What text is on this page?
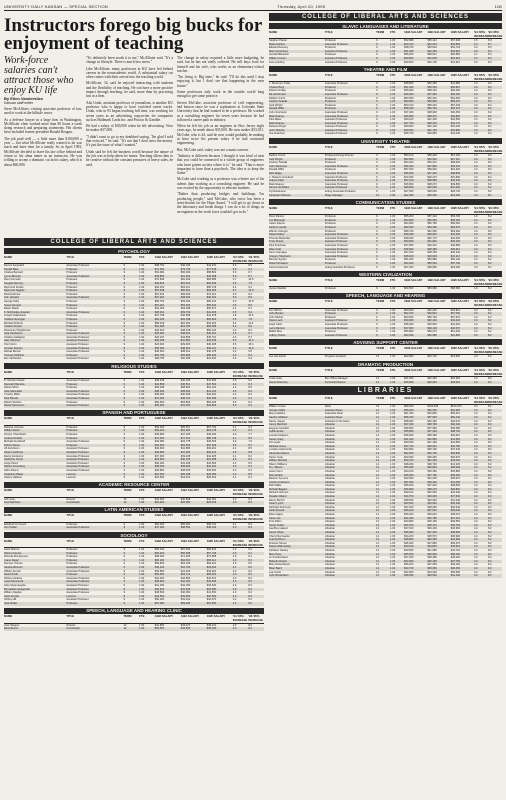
UNIVERSITY DAILY KANSAN — SPECIAL SECTION	Thursday, April 20, 1995	11B
Instructors forego big bucks for enjoyment of teaching
Work-force salaries can't attract those who enjoy KU life
By Ellen Vanderslice
Kansan staff writer

Steve McAllister, visiting associate professor of law, used to work at the hillside tower.

As a defense lawyer in a large firm in Washington, McAllister often worked more than 80 hours a week doing research and preparing statements. His clients have included former president Ronald Reagan.

The job paid well — a little more than $100,000 a year — but what McAllister really wanted to do was teach and have time for a family. So in April 1993, McAllister decided to leave his law office behind and return to his alma mater as an instructor. He was willing to accept a dramatic cut in his salary, which is about $60,000.

"It's definitely been worth it to me," McAllister said. "It's a change in lifestyle. There is much less stress."

Like McAllister, many professors at KU have left behind careers in the nonacademic world. A substantial salary cut often comes with their arrival into the teaching world.

McAllister, 32, said he enjoyed interacting with students and the flexibility of teaching. He can have a more positive impact through teaching, he said, more than by practicing law at a firm.

Ada Uriah, assistant professor of journalism, is another KU professor who is happy to have switched career tracks. Uriah, who in 93 began teaching full time, was working for seven years as an advertising copywriter for companies such as Hallmark Cards Inc. and Proctor & Gamble.

He had a salary of $50,000 when he left advertising. Now he makes $37,000.

"I didn't want to go to my deathbed saying, 'I'm glad I sold that extra ad,'" he said. "It's not that I don't miss the money. It's just the issue of what I wanted."

Uriah said he left the business world because the nature of the job was to help others be teams. Teaching allows him to be creative without the constant pressures of heavy sales, he said.

The change in salary required a little more budgeting, he said, but he has not really suffered. He still buys food for himself and his wife, who works as an elementary-school teacher.

"I'm living it. Big time," he said. "I'll do this until I stop enjoying it, but I don't see that happening in the near future."

Some professors only work in the outside world long enough to get some practice.

Steven McCabe, associate professor of civil engineering, had known since he was a sophomore at Colorado State University that he had wanted to be a professor. He worked as a consulting engineer for seven years because he had followed a career path in industry.

When he left his job as an engineer in New Jersey eight years ago, he made about $35,000. He now makes $53,031. McCabe, who is 44, said he now would probably be making at least twice his present salary if he had continued engineering.

But, McCabe said, salary was not a main concern.

"Industry is different because I thought it was kind of neat that you could be connected to a whole group of engineers who have gotten society where it is," he said. "That is more important to have than a paycheck. The idea is to keep the flame."

McCabe said working as a professor was a better use of his talents than working as a consulting engineer. He said he was excited by the opportunity to educate students.

"Rather than producing bridges and buildings, I'm producing people," said McCabe, who twice has been a semi-finalist for the Hope Award. "I still get to go down in the laboratory and break things. I can do a lot of things as an engineer in the work force wouldn't get to do."

COLLEGE OF LIBERAL ARTS AND SCIENCES
PSYCHOLOGY
NAME	TITLE	TERM	FTE	1993 SALARY	1994 SALARY	1995 SALARY	'94-'95% INCREASE
'93-'95% INCREASE
Dennis Karpowitz	Associate Professor	9	1.00	$38,752	$40,196	$42,210	5.0	8.9
Donald Baer	Professor	9	1.00	$71,004	$73,740	$77,446	5.0	9.1
Charles Barnard	Professor	9	1.00	$54,082	$56,009	$58,800	5.0	8.7
Lynne Bennett	Associate Professor	9	1.00	$39,850	$41,262	$43,308	5.0	8.7
Rue Cromwell	Professor	9	1.00	$76,828	$81,069	$84,889	4.7	10.5
Douglas Denney	Professor	9	1.00	$49,813	$51,513	$53,546	3.9	7.5
Raymond Fowler	Professor	9	1.00	$52,010	$54,311	$56,718	4.4	9.1
Raymond Higgins	Professor	9	1.00	$57,498	$60,841	$64,906	6.7	12.9
David Holmes	Professor	9	1.00	$67,451	$69,940	$73,114	4.5	8.4
S.R. Howard	Associate Professor	9	1.00	$37,024	$38,300	$40,201	5.0	8.6
George Kelly	Professor	9	1.00	$50,752	$53,046	$56,213	6.0	10.8
Susan Kemper	Professor	9	1.00	$51,119	$53,204	$55,642	4.6	8.9
Edwin Martin	Professor	9	1.00	$61,003	$63,298	$65,971	4.2	8.1
K. McCluskey-Fawcett	Associate Professor	9	1.00	$38,014	$39,702	$41,496	4.5	9.2
Joseph Hollenbeck	Professor	9	1.00	$37,708	$40,558	$41,678	2.8	10.5
Charles Neuringer	Professor	9	1.00	$60,105	$62,048	$64,810	4.5	7.8
Michael Roberts	Professor	9	1.00	$58,019	$61,004	$64,402	5.6	11.0
Charles Snyder	Professor	9	1.00	$61,308	$61,780	$65,289	5.2	9.9
Rosemary Wrightsman	Professor	9	1.00	$46,316	$48,018	$50,104	4.3	8.2
Hyla Sanderson	Associate Professor	9	1.00	$36,900	$38,403	$40,119	4.5	8.7
Charles Gallagher	Associate Professor	9	1.00	$42,047	$43,806	$45,701	4.3	8.7
Alan Oblomov	Assistant Professor	9	1.00	$30,408	$31,860	$33,546	5.3	10.3
Omri Grinn	Assistant Professor	9	1.00	$26,000	$29,000	$30,005	3.5	15.4
Annette Stanton	Associate Professor	9	1.00	$35,000	$38,910	$40,211	3.3	14.9
Wanda Bernal	Associate Professor	9	1.00	$36,600	$38,301	$40,078	4.6	9.5
Thomas Schlitzer	Professor	9	1.00	$51,705	$53,805	$55,944	4.0	8.2
Eric Vanheiden	Assistant Professor	9	1.00	$28,705	$30,005	$31,400	4.6	9.4
RELIGIOUS STUDIES
NAME	TITLE	TERM	FTE	1993 SALARY	1994 SALARY	1995 SALARY	'94-'95% INCREASE
'93-'95% INCREASE
D. Dorsten-Sravis	Associate Professor	9	1.00	$38,408	$40,046	$41,950	4.8	9.2
Ramnath Berretta	Professor	9	1.00	$43,809	$45,501	$47,502	4.4	8.4
Robert Minor	Professor	9	1.00	$56,308	$58,600	$61,104	4.3	8.5
Jane Mannadia	Associate Professor	9	1.00	$38,000	$39,506	$41,104	4.0	8.2
Timothy Miller	Associate Professor	9	1.00	$39,300	$40,908	$42,620	4.2	8.4
Paul Mirecki	Associate Professor	9	1.00	$37,004	$38,700	$40,355	4.3	9.1
Robert Shelton	Professor	9	1.00	$52,600	$54,802	$56,925	3.9	8.2
Daniel Stevenson	Assistant Professor	9	1.00	$30,000	$31,250	$32,819	5.0	9.4
SPANISH AND PORTUGUESE
NAME	TITLE	TERM	FTE	1993 SALARY	1994 SALARY	1995 SALARY	'94-'95% INCREASE
'93-'95% INCREASE
Roberta Johnson	Professor	9	1.00	$53,320	$55,507	$57,784	4.1	8.4
William Davis	Professor	9	1.00	$49,210	$51,000	$53,178	4.3	8.1
Vernon Chamberlin	Professor	9	1.00	$45,680	$47,305	$49,180	4.0	7.7
Andrew Debicki	Professor	9	1.00	$74,400	$77,512	$80,728	4.1	8.5
Michael Doudoroff	Associate Professor	9	1.00	$43,080	$44,778	$46,503	3.9	7.9
Robert Spires	Professor	9	1.00	$62,000	$64,500	$67,029	3.9	8.1
Jill Kuhnheim	Assistant Professor	9	1.00	$30,600	$31,895	$33,201	4.1	8.5
Sharon Feldman	Assistant Professor	9	1.00	$29,800	$31,005	$32,412	4.5	8.8
Danny Anderson	Associate Professor	9	1.00	$37,900	$39,408	$41,025	4.1	8.2
Katherine Unruh	Assistant Professor	9	1.00	$29,500	$30,704	$31,908	3.9	8.2
Jorge Perez	Assistant Professor	9	1.00	$30,000	$31,208	$32,504	4.2	8.3
Robert Greenberg	Associate Professor	9	1.00	$38,100	$39,605	$41,201	4.0	8.1
Isidro Rivera	Associate Professor	9	1.00	$36,800	$38,305	$39,904	4.2	8.4
Stephanie Baker	Lecturer	9	1.00	$24,000	$25,008	$26,050	4.2	8.5
Stacey Vallaton	Lecturer	9	1.00	$23,500	$24,410	$25,402	4.1	8.1
ACADEMIC RESOURCE CENTER
NAME	TITLE	TERM	FTE	1993 SALARY	1994 SALARY	1995 SALARY	'94-'95% INCREASE
'93-'95% INCREASE
John Hay	Director	12	1.00	$29,600	$30,808	$32,051	4.0	8.3
Lisa Stephens	Coordinator	12	1.00	$24,400	$25,380	$26,403	4.0	8.2
LATIN AMERICAN STUDIES
NAME	TITLE	TERM	FTE	1993 SALARY	1994 SALARY	1995 SALARY	'94-'95% INCREASE
'93-'95% INCREASE
Elizabeth Kuznesof	Professor	9	1.00	$54,200	$56,400	$58,701	4.1	8.3
Ann Pedlar	Associate Professor	9	1.00	$37,000	$38,550	$40,104	4.0	8.4
SOCIOLOGY
NAME	TITLE	TERM	FTE	1993 SALARY	1994 SALARY	1995 SALARY	'94-'95% INCREASE
'93-'95% INCREASE
Carol Warren	Professor	9	1.00	$55,100	$57,300	$59,602	4.0	8.2
Robert Antonio	Professor	9	1.00	$53,400	$55,508	$57,735	4.0	8.1
Rhonda Montgomery	Professor	9	1.00	$68,300	$71,005	$73,808	3.9	8.1
Joane Nagel	Professor	9	1.00	$60,200	$62,610	$65,112	4.0	8.2
Norman Yetman	Professor	9	1.00	$59,800	$62,105	$64,601	4.0	8.0
Sandra Albrecht	Associate Professor	9	1.00	$40,100	$41,706	$43,402	4.1	8.2
William Arnold	Associate Professor	9	1.00	$39,800	$41,400	$43,061	4.0	8.2
David Smith	Professor	9	1.00	$52,600	$54,712	$56,903	4.0	8.2
Shirley Harkess	Associate Professor	9	1.00	$41,200	$42,850	$44,574	4.0	8.2
Lewis Mennerick	Associate Professor	9	1.00	$39,600	$41,180	$42,836	4.0	8.2
Alice Niyamangola	Assistant Professor	9	1.00	$31,000	$32,250	$33,540	4.0	8.2
Bernadette Sedgewick	Assistant Professor	9	1.00	$30,400	$31,620	$32,880	4.0	8.2
William Staples	Associate Professor	9	1.00	$38,500	$40,050	$41,650	4.0	8.2
Carol Snyder	Lecturer	9	1.00	$24,500	$25,480	$26,500	4.0	8.2
Shirley Hill	Assistant Professor	9	1.00	$30,200	$31,410	$32,670	4.0	8.2
Jack Weller	Professor	9	1.00	$57,000	$59,280	$61,650	4.0	8.2
SPEECH, LANGUAGE AND HEARING CLINIC
NAME	TITLE	TERM	FTE	1993 SALARY	1994 SALARY	1995 SALARY	'94-'95% INCREASE
'93-'95% INCREASE
Jane Wegner	Director	12	1.00	$41,800	$43,470	$45,210	4.0	8.2
Betty Bunce	Coordinator	12	1.00	$33,500	$34,840	$36,230	4.0	8.2
COLLEGE OF LIBERAL ARTS AND SCIENCES
SLAVIC LANGUAGES AND LITERATURE
NAME	TITLE	TERM	FTE	1993 SALARY	1994 SALARY	1995 SALARY	'94-'95% INCREASE
'93-'95% INCREASE
Stephen Parker	Professor	9	1.00	$52,889	$55,142	$57,608	4.5	8.9
Maria Carlson	Associate Professor	9	1.00	$40,312	$42,001	$43,806	4.3	8.7
Edward Ramsey	Professor	9	1.00	$48,700	$50,604	$52,718	4.2	8.3
Marc Greenberg	Assistant Professor	9	1.00	$31,000	$32,350	$33,604	3.9	8.4
Gerald Mikkelson	Professor	9	1.00	$56,200	$58,512	$60,884	4.1	8.3
William Comer	Assistant Professor	9	1.00	$29,800	$31,005	$32,304	4.2	8.4
Jane Harding	Assistant Professor	9	1.00	$29,500	$30,702	$31,910	3.9	8.2
THEATRE AND FILM
NAME	TITLE	TERM	FTE	1993 SALARY	1994 SALARY	1995 SALARY	'94-'95% INCREASE
'93-'95% INCREASE
J. Dinsmore-Tuttle	Associate Professor	9	1.00	$38,800	$40,356	$41,980	4.0	8.2
Charles Berg	Professor	9	1.00	$51,600	$53,664	$55,810	4.0	8.2
Robert Findlay	Professor	9	1.00	$55,900	$58,140	$60,460	4.0	8.2
Ed Hutchinson	Associate Professor	9	1.00	$36,200	$37,650	$39,150	4.0	8.2
Delbert Unruh	Professor	9	1.00	$50,300	$52,310	$54,400	4.0	8.2
Andrew Tsubaki	Professor	9	1.00	$54,800	$56,990	$59,270	4.0	8.2
Jack Wright	Professor	9	1.00	$53,100	$55,220	$57,430	4.0	8.2
Ronald Willis	Professor	9	1.00	$58,400	$60,740	$63,170	4.0	8.2
John Gronbeck	Associate Professor	9	1.00	$37,400	$38,900	$40,450	4.0	8.2
Mark Reaney	Associate Professor	9	1.00	$36,800	$38,270	$39,800	4.0	8.2
Paul Meier	Assistant Professor	9	1.00	$30,100	$31,300	$32,560	4.0	8.2
Mark Reaney	Associate Professor	9	1.00	$37,700	$39,210	$40,770	4.0	8.2
Delores Ringer	Assistant Professor	9	1.00	$29,900	$31,100	$32,340	4.0	8.2
John Tibbetts	Assistant Professor	9	1.00	$30,500	$31,720	$32,990	4.0	8.2
Joe Anderson	Assistant Professor	9	1.00	$28,700	$29,850	$31,040	4.0	8.2
UNIVERSITY THEATRE
NAME	TITLE	TERM	FTE	1993 SALARY	1994 SALARY	1995 SALARY	'94-'95% INCREASE
'93-'95% INCREASE
Delbert Unruh	Professor/Acting Director	9	1.00	$53,100	$55,220	$57,430	4.0	8.2
Jack Wright	Professor	9	1.00	$52,800	$54,910	$57,110	4.0	8.2
Andrew Tsubaki	Professor	9	1.00	$54,200	$56,370	$58,620	4.0	8.2
John Staniunas	Associate Professor	9	1.00	$36,400	$37,860	$39,370	4.0	8.2
Ronald Willis	Professor	9	1.00	$57,600	$59,900	$62,300	4.0	8.2
Rick Hidge	Associate Professor	9	1.00	$35,900	$37,340	$38,830	4.0	8.2
J. Tedesco Gronbeck	Assistant Professor	9	1.00	$29,300	$30,470	$31,690	4.0	8.2
Joanne Klein	Associate Professor	9	1.00	$37,100	$38,580	$40,130	4.0	8.2
Mark Reaney	Associate Professor	9	1.00	$36,800	$38,270	$39,800	4.0	8.2
Dennis Christilles	Assistant Professor	9	1.00	$28,900	$30,060	$31,260	4.0	8.2
Cynthia Evans	Acting Associate Professor	9	1.00	$27,500	$28,600	$29,740	4.0	8.2
Alexander Wesson	Stage Manager	12	1.00	$22,400	$23,300	$24,230	4.0	8.2
COMMUNICATION STUDIES
NAME	TITLE	TERM	FTE	1993 SALARY	1994 SALARY	1995 SALARY	'94-'95% INCREASE
'93-'95% INCREASE
Donn Parson	Professor	9	1.00	$55,200	$57,410	$59,700	4.0	8.2
Jon Blubaugh	Professor	9	1.00	$53,800	$55,950	$58,190	4.0	8.2
Calvin Downs	Professor	9	1.00	$54,600	$56,780	$59,050	4.0	8.2
Kathryn Landis	Professor	9	1.00	$52,300	$54,390	$56,570	4.0	8.2
Wilmer Linkugel	Professor	9	1.00	$58,700	$61,050	$63,490	4.0	8.2
Diane Dickey	Associate Professor	9	1.00	$38,400	$39,940	$41,530	4.0	8.2
Thomas Beisecker	Associate Professor	9	1.00	$39,200	$40,770	$42,400	4.0	8.2
Tracy Russo	Assistant Professor	9	1.00	$30,600	$31,820	$33,100	4.0	8.2
Paul Friedman	Associate Professor	9	1.00	$37,800	$39,310	$40,890	4.0	8.2
Ellen Gold	Associate Professor	9	1.00	$36,900	$38,380	$39,910	4.0	8.2
Kevin Carragee	Associate Professor	9	1.00	$37,300	$38,790	$40,340	4.0	8.2
Gregory Shepherd	Associate Professor	9	1.00	$38,100	$39,620	$41,210	4.0	8.2
Beverly Sypher	Professor	9	1.00	$51,900	$53,980	$56,140	4.0	8.2
Robert Rowland	Professor	9	1.00	$53,400	$55,540	$57,760	4.0	8.2
James Harwood	Acting Assistant Professor	9	1.00	$27,000	$28,080	$29,200	4.0	8.2
WESTERN CIVILIZATION
NAME	TITLE	TERM	FTE	1993 SALARY	1994 SALARY	1995 SALARY	'94-'95% INCREASE
'93-'95% INCREASE
James Woelfel	Professor	9	1.00	$54,500	$56,680	$58,950	4.0	8.2
SPEECH, LANGUAGE AND HEARING
NAME	TITLE	TERM	FTE	1993 SALARY	1994 SALARY	1995 SALARY	'94-'95% INCREASE
'93-'95% INCREASE
Kim Wilcox	Associate Professor	9	1.00	$40,600	$42,220	$43,910	4.0	8.2
John Bunker	Professor	9	1.00	$52,700	$54,810	$57,000	4.0	8.2
John Michel	Professor	9	1.00	$53,600	$55,740	$57,970	4.0	8.2
Diane Loeb	Assistant Professor	9	1.00	$30,900	$32,140	$33,420	4.0	8.2
Hugh Catts	Associate Professor	9	1.00	$38,300	$39,830	$41,420	4.0	8.2
Larry Marston	Associate Professor	9	1.00	$37,600	$39,100	$40,670	4.0	8.2
Mabel Rice	Professor	9	1.00	$56,800	$59,070	$61,430	4.0	8.2
Jeffrey Chavis	Assistant Professor	9	1.00	$29,400	$30,580	$31,800	4.0	8.2
ADVISING SUPPORT CENTER
NAME	TITLE	TERM	FTE	1993 SALARY	1994 SALARY	1995 SALARY	'94-'95% INCREASE
'93-'95% INCREASE
Joe Van Zandt	Program Assistant	12	1.00	$22,800	$23,710	$24,660	4.0	8.2
DRAMATIC PRODUCTION
NAME	TITLE	TERM	FTE	1993 SALARY	1994 SALARY	1995 SALARY	'94-'95% INCREASE
'93-'95% INCREASE
Linda Huss	Box Office Manager	12	1.00	$21,600	$22,460	$23,360	4.0	8.2
James Peterson	Technical Director	12	1.00	$25,900	$26,940	$28,010	4.0	8.2
LIBRARIES
NAME	TITLE	TERM	FTE	1993 SALARY	1994 SALARY	1995 SALARY	'94-'95% INCREASE
'93-'95% INCREASE
William Crowe	Dean	12	1.00	$96,500	$100,360	$104,370	4.0	8.2
George Gibbs	Assistant Dean	12	1.00	$58,200	$60,530	$62,950	4.0	8.2
Mary Hawkins	Associate Dean	12	1.00	$61,400	$63,860	$66,410	4.0	8.2
Sandra Gilliland	Assistant Dean	12	1.00	$55,700	$57,930	$60,240	4.0	8.2
Nancy Jaeger	Assistant to the Dean	12	1.00	$38,900	$40,460	$42,070	4.0	8.2
Kenny Bucholtz	Librarian	12	1.00	$37,300	$38,790	$40,340	4.0	8.2
Eugene Carvalho	Librarian	12	1.00	$36,500	$37,960	$39,480	4.0	8.2
Judith Emde	Librarian	12	1.00	$35,800	$37,230	$38,720	4.0	8.2
Leonard Halpern	Librarian	12	1.00	$36,900	$38,380	$39,910	4.0	8.2
Susan Craig	Librarian	12	1.00	$41,200	$42,850	$44,560	4.0	8.2
Ann Hyde	Librarian	12	1.00	$39,600	$41,180	$42,830	4.0	8.2
Barbara Jones	Librarian	12	1.00	$37,700	$39,210	$40,780	4.0	8.2
Lorraine Haricombe	Librarian	12	1.00	$34,800	$36,190	$37,640	4.0	8.2
Alexandra Mason	Librarian	12	1.00	$52,600	$54,700	$56,890	4.0	8.2
Karen Cook	Librarian	12	1.00	$33,900	$35,260	$36,670	4.0	8.2
William Mitchell	Librarian	12	1.00	$40,700	$42,330	$44,020	4.0	8.2
Sherry Williams	Librarian	12	1.00	$38,200	$39,730	$41,320	4.0	8.2
D.L. Marvin	Librarian	12	1.00	$35,400	$36,820	$38,290	4.0	8.2
Janet Crum	Librarian	12	1.00	$34,100	$35,460	$36,880	4.0	8.2
Mary Roach	Librarian	12	1.00	$36,300	$37,750	$39,260	4.0	8.2
Eleanor Symons	Librarian	12	1.00	$42,500	$44,200	$45,970	4.0	8.2
Gordon Anderson	Librarian	12	1.00	$37,900	$39,420	$41,000	4.0	8.2
Ruth Miller	Librarian	12	1.00	$35,600	$37,020	$38,500	4.0	8.2
Michael Biggins	Librarian	12	1.00	$36,800	$38,270	$39,800	4.0	8.2
Richard Clement	Librarian	12	1.00	$39,100	$40,660	$42,290	4.0	8.2
Rosalie Gilland	Librarian	12	1.00	$34,700	$36,090	$37,530	4.0	8.2
Nancy Burich	Librarian	12	1.00	$38,500	$40,040	$41,640	4.0	8.2
Gwen Lynch	Librarian	12	1.00	$33,600	$34,940	$36,340	4.0	8.2
Nicholas Schmerer	Librarian	12	1.00	$37,200	$38,690	$40,240	4.0	8.2
Keith Russell	Librarian	12	1.00	$36,100	$37,540	$39,040	4.0	8.2
Ellen Hagen	Librarian	12	1.00	$35,200	$36,610	$38,070	4.0	8.2
Karen Hix	Librarian	12	1.00	$34,400	$35,780	$37,210	4.0	8.2
Fran Pillon	Librarian	12	1.00	$33,800	$35,150	$36,560	4.0	8.2
Susan Nutter	Librarian	12	1.00	$36,700	$38,170	$39,700	4.0	8.2
Geoffrey Haspel	Librarian	12	1.00	$37,600	$39,100	$40,660	4.0	8.2
Susan Olsen	Librarian	12	1.00	$35,900	$37,340	$38,830	4.0	8.2
Cheryl Ryczewski	Librarian	12	1.00	$34,200	$35,570	$36,990	4.0	8.2
Jean Erichson	Librarian	12	1.00	$38,800	$40,350	$41,960	4.0	8.2
Frances Stroup	Librarian	12	1.00	$36,400	$37,860	$39,370	4.0	8.2
Robert Malinowsky	Librarian	12	1.00	$43,100	$44,820	$46,610	4.0	8.2
Kathleen Neeley	Librarian	12	1.00	$39,500	$41,080	$42,720	4.0	8.2
Mary Piper	Librarian	12	1.00	$35,500	$36,920	$38,400	4.0	8.2
Lin Fredericksen	Librarian	12	1.00	$37,000	$38,480	$40,020	4.0	8.2
Malcolm Daniel	Librarian	12	1.00	$34,900	$36,300	$37,750	4.0	8.2
Mary Rosenbloom	Librarian	12	1.00	$36,200	$37,650	$39,160	4.0	8.2
Brian Baird	Librarian	12	1.00	$33,700	$35,050	$36,450	4.0	8.2
Lea Currie	Librarian	12	1.00	$32,900	$34,220	$35,590	4.0	8.2
John Richardson	Librarian	12	1.00	$38,000	$39,520	$41,100	4.0	8.2
